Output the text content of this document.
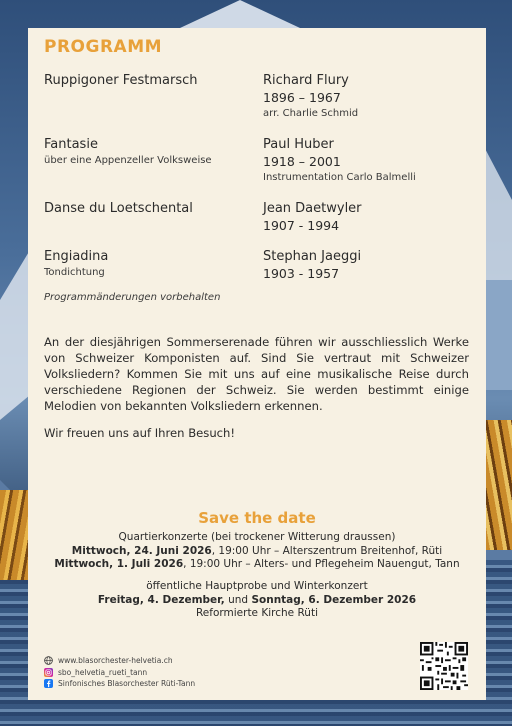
PROGRAMM
Ruppigoner Festmarsch	Richard Flury
1896 – 1967
arr. Charlie Schmid
Fantasie
über eine Appenzeller Volksweise
Paul Huber
1918 – 2001
Instrumentation Carlo Balmelli
Danse du Loetschental	Jean Daetwyler
1907 - 1994
Engiadina
Tondichtung
Stephan Jaeggi
1903 - 1957
Programmänderungen vorbehalten
An der diesjährigen Sommerserenade führen wir ausschliesslich Werke von Schweizer Komponisten auf. Sind Sie vertraut mit Schweizer Volksliedern? Kommen Sie mit uns auf eine musikalische Reise durch verschiedene Regionen der Schweiz. Sie werden bestimmt einige Melodien von bekannten Volksliedern erkennen.
Wir freuen uns auf Ihren Besuch!
Save the date
Quartierkonzerte (bei trockener Witterung draussen)
Mittwoch, 24. Juni 2026, 19:00 Uhr – Alterszentrum Breitenhof, Rüti
Mittwoch, 1. Juli 2026, 19:00 Uhr – Alters- und Pflegeheim Nauengut, Tann
öffentliche Hauptprobe und Winterkonzert
Freitag, 4. Dezember, und Sonntag, 6. Dezember 2026
Reformierte Kirche Rüti
www.blasorchester-helvetia.ch
sbo_helvetia_rueti_tann
Sinfonisches Blasorchester Rüti-Tann
